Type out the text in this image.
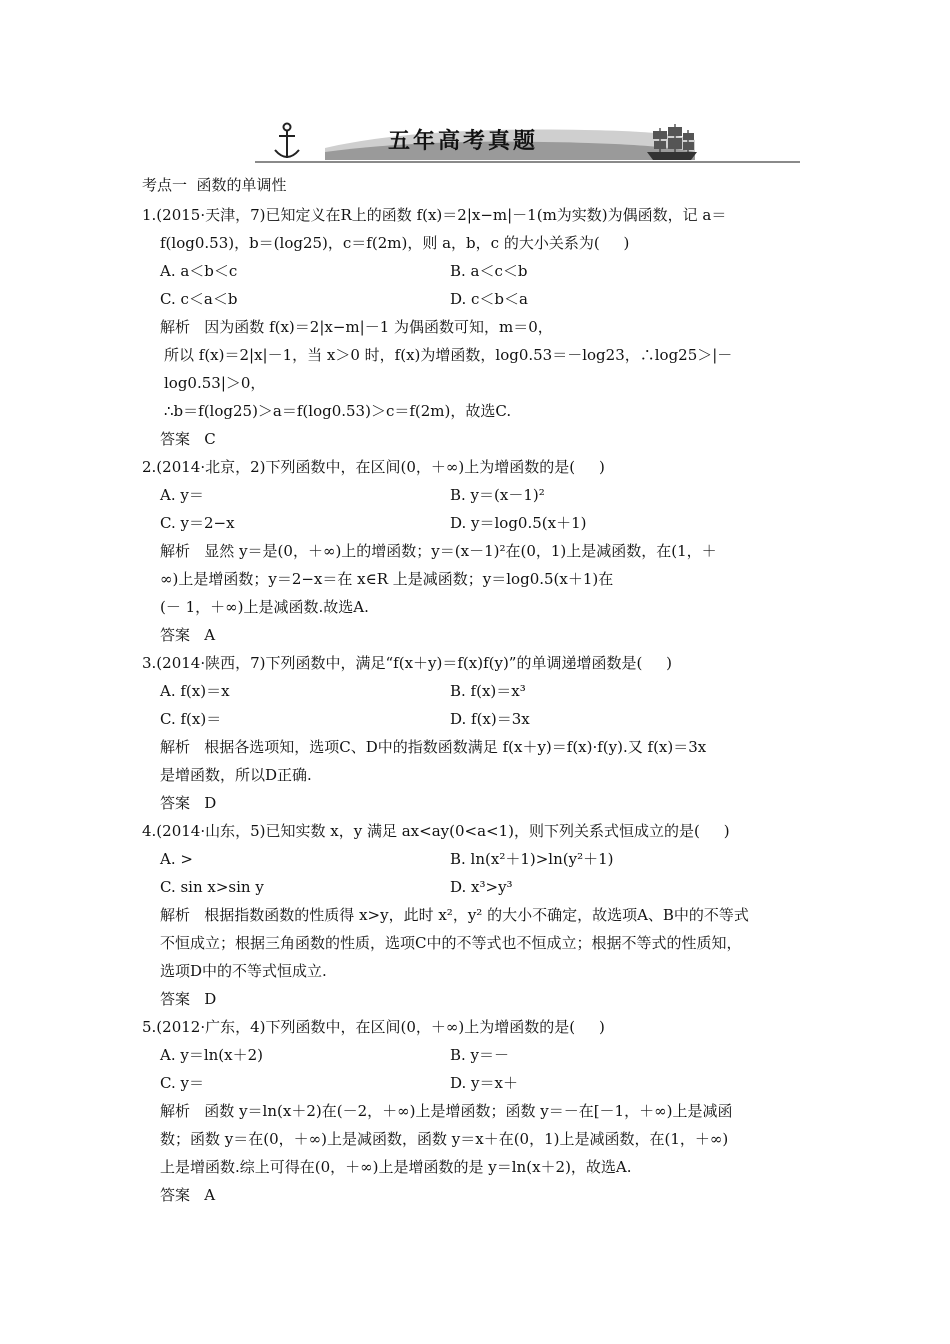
五年高考真题
考点一  函数的单调性
1.(2015·天津，7)已知定义在R上的函数 f(x)＝2|x−m|－1(m为实数)为偶函数，记 a＝
f(log0.53)，b＝(log25)，c＝f(2m)，则 a，b，c 的大小关系为(     )
A. a＜b＜c	B. a＜c＜b
C. c＜a＜b	D. c＜b＜a
解析   因为函数 f(x)＝2|x−m|－1 为偶函数可知，m＝0，
所以 f(x)＝2|x|－1，当 x＞0 时，f(x)为增函数，log0.53＝－log23，∴log25＞|－
log0.53|＞0，
∴b＝f(log25)＞a＝f(log0.53)＞c＝f(2m)，故选C.
答案   C
2.(2014·北京，2)下列函数中，在区间(0，＋∞)上为增函数的是(     )
A. y＝	B. y＝(x－1)²
C. y＝2−x	D. y＝log0.5(x＋1)
解析   显然 y＝是(0，＋∞)上的增函数；y＝(x－1)²在(0，1)上是减函数，在(1，＋
∞)上是增函数；y＝2−x＝在 x∈R 上是减函数；y＝log0.5(x＋1)在
(－ 1，＋∞)上是减函数.故选A.
答案   A
3.(2014·陕西，7)下列函数中，满足“f(x＋y)＝f(x)f(y)”的单调递增函数是(     )
A. f(x)＝x	B. f(x)＝x³
C. f(x)＝	D. f(x)＝3x
解析   根据各选项知，选项C、D中的指数函数满足 f(x＋y)＝f(x)·f(y).又 f(x)＝3x
是增函数，所以D正确.
答案   D
4.(2014·山东，5)已知实数 x，y 满足 ax<ay(0<a<1)，则下列关系式恒成立的是(     )
A. >	B. ln(x²＋1)>ln(y²＋1)
C. sin x>sin y	D. x³>y³
解析   根据指数函数的性质得 x>y，此时 x²，y² 的大小不确定，故选项A、B中的不等式
不恒成立；根据三角函数的性质，选项C中的不等式也不恒成立；根据不等式的性质知，
选项D中的不等式恒成立.
答案   D
5.(2012·广东，4)下列函数中，在区间(0，＋∞)上为增函数的是(     )
A. y＝ln(x＋2)	B. y＝－
C. y＝	D. y＝x＋
解析   函数 y＝ln(x＋2)在(－2，＋∞)上是增函数；函数 y＝－在[－1，＋∞)上是减函
数；函数 y＝在(0，＋∞)上是减函数，函数 y＝x＋在(0，1)上是减函数，在(1，＋∞)
上是增函数.综上可得在(0，＋∞)上是增函数的是 y＝ln(x＋2)，故选A.
答案   A
